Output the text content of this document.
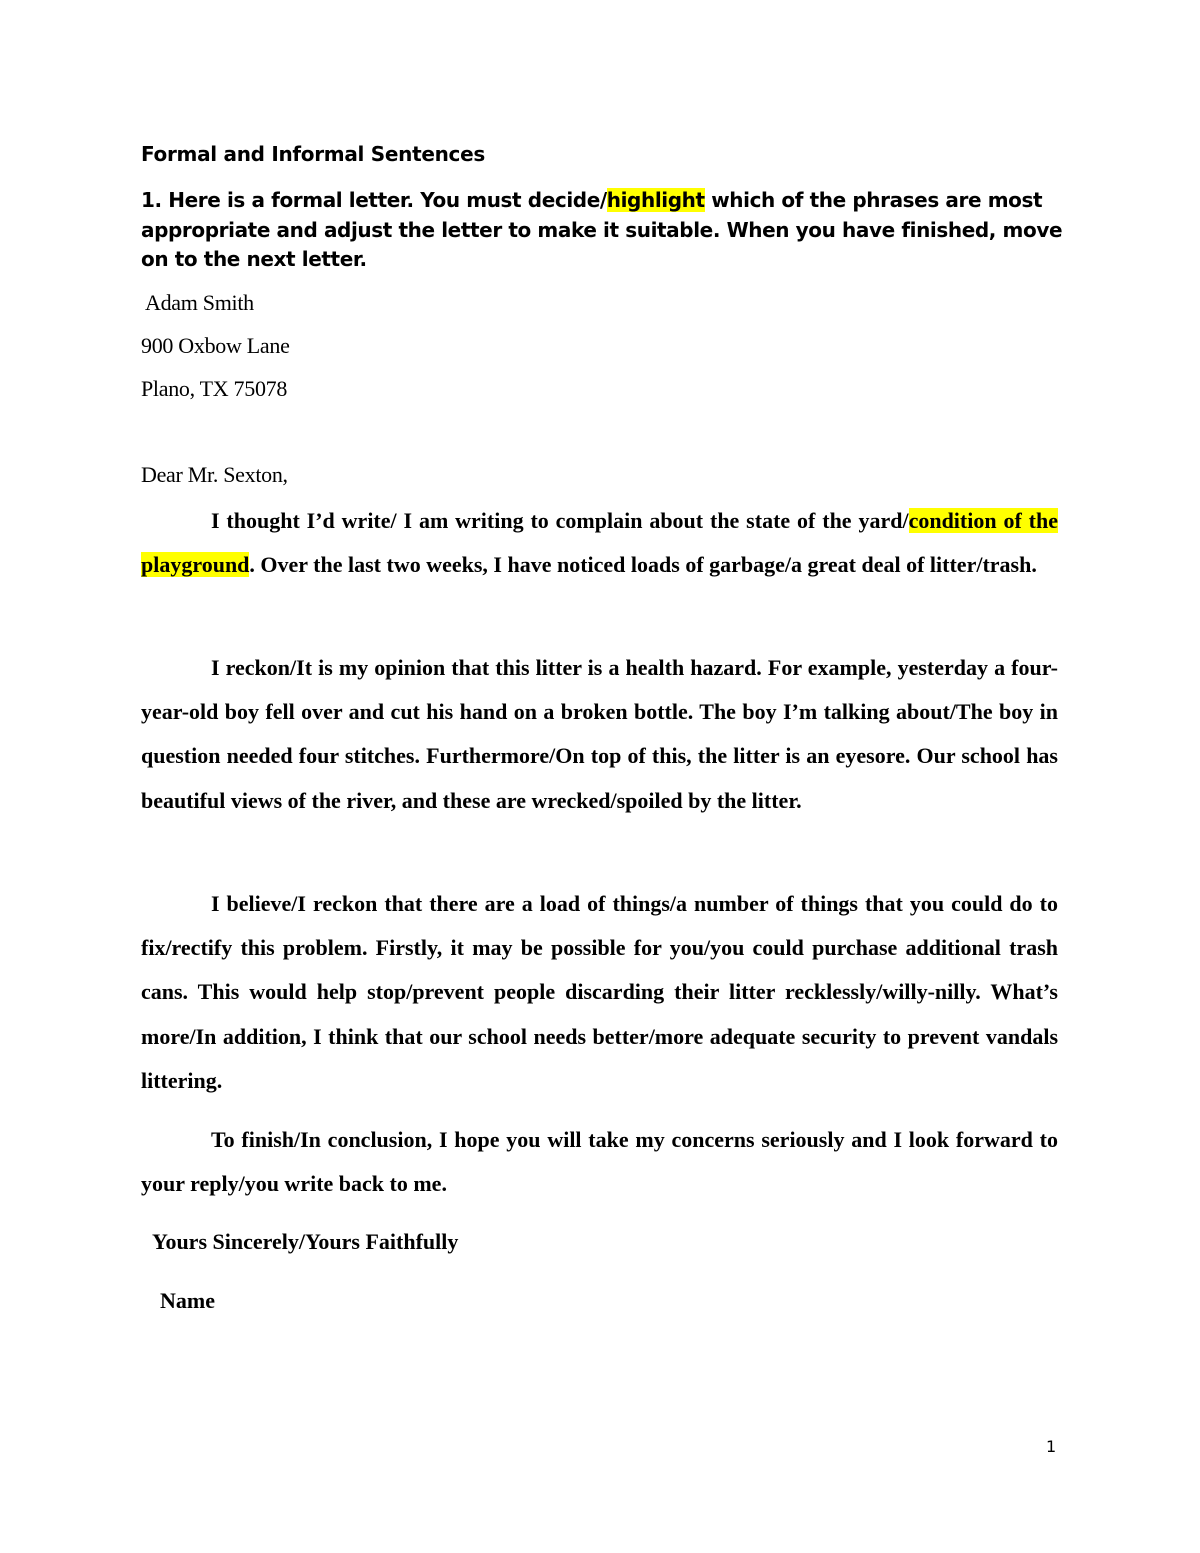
Formal and Informal Sentences

1. Here is a formal letter. You must decide/highlight which of the phrases are most appropriate and adjust the letter to make it suitable. When you have finished, move on to the next letter.

Adam Smith

900 Oxbow Lane

Plano, TX 75078

Dear Mr. Sexton,

I thought I’d write/ I am writing to complain about the state of the yard/condition of the playground. Over the last two weeks, I have noticed loads of garbage/a great deal of litter/trash.

I reckon/It is my opinion that this litter is a health hazard. For example, yesterday a four-year-old boy fell over and cut his hand on a broken bottle. The boy I’m talking about/The boy in question needed four stitches. Furthermore/On top of this, the litter is an eyesore. Our school has beautiful views of the river, and these are wrecked/spoiled by the litter.

I believe/I reckon that there are a load of things/a number of things that you could do to fix/rectify this problem. Firstly, it may be possible for you/you could purchase additional trash cans. This would help stop/prevent people discarding their litter recklessly/willy-nilly. What’s more/In addition, I think that our school needs better/more adequate security to prevent vandals littering.

To finish/In conclusion, I hope you will take my concerns seriously and I look forward to your reply/you write back to me.

Yours Sincerely/Yours Faithfully

Name

1
